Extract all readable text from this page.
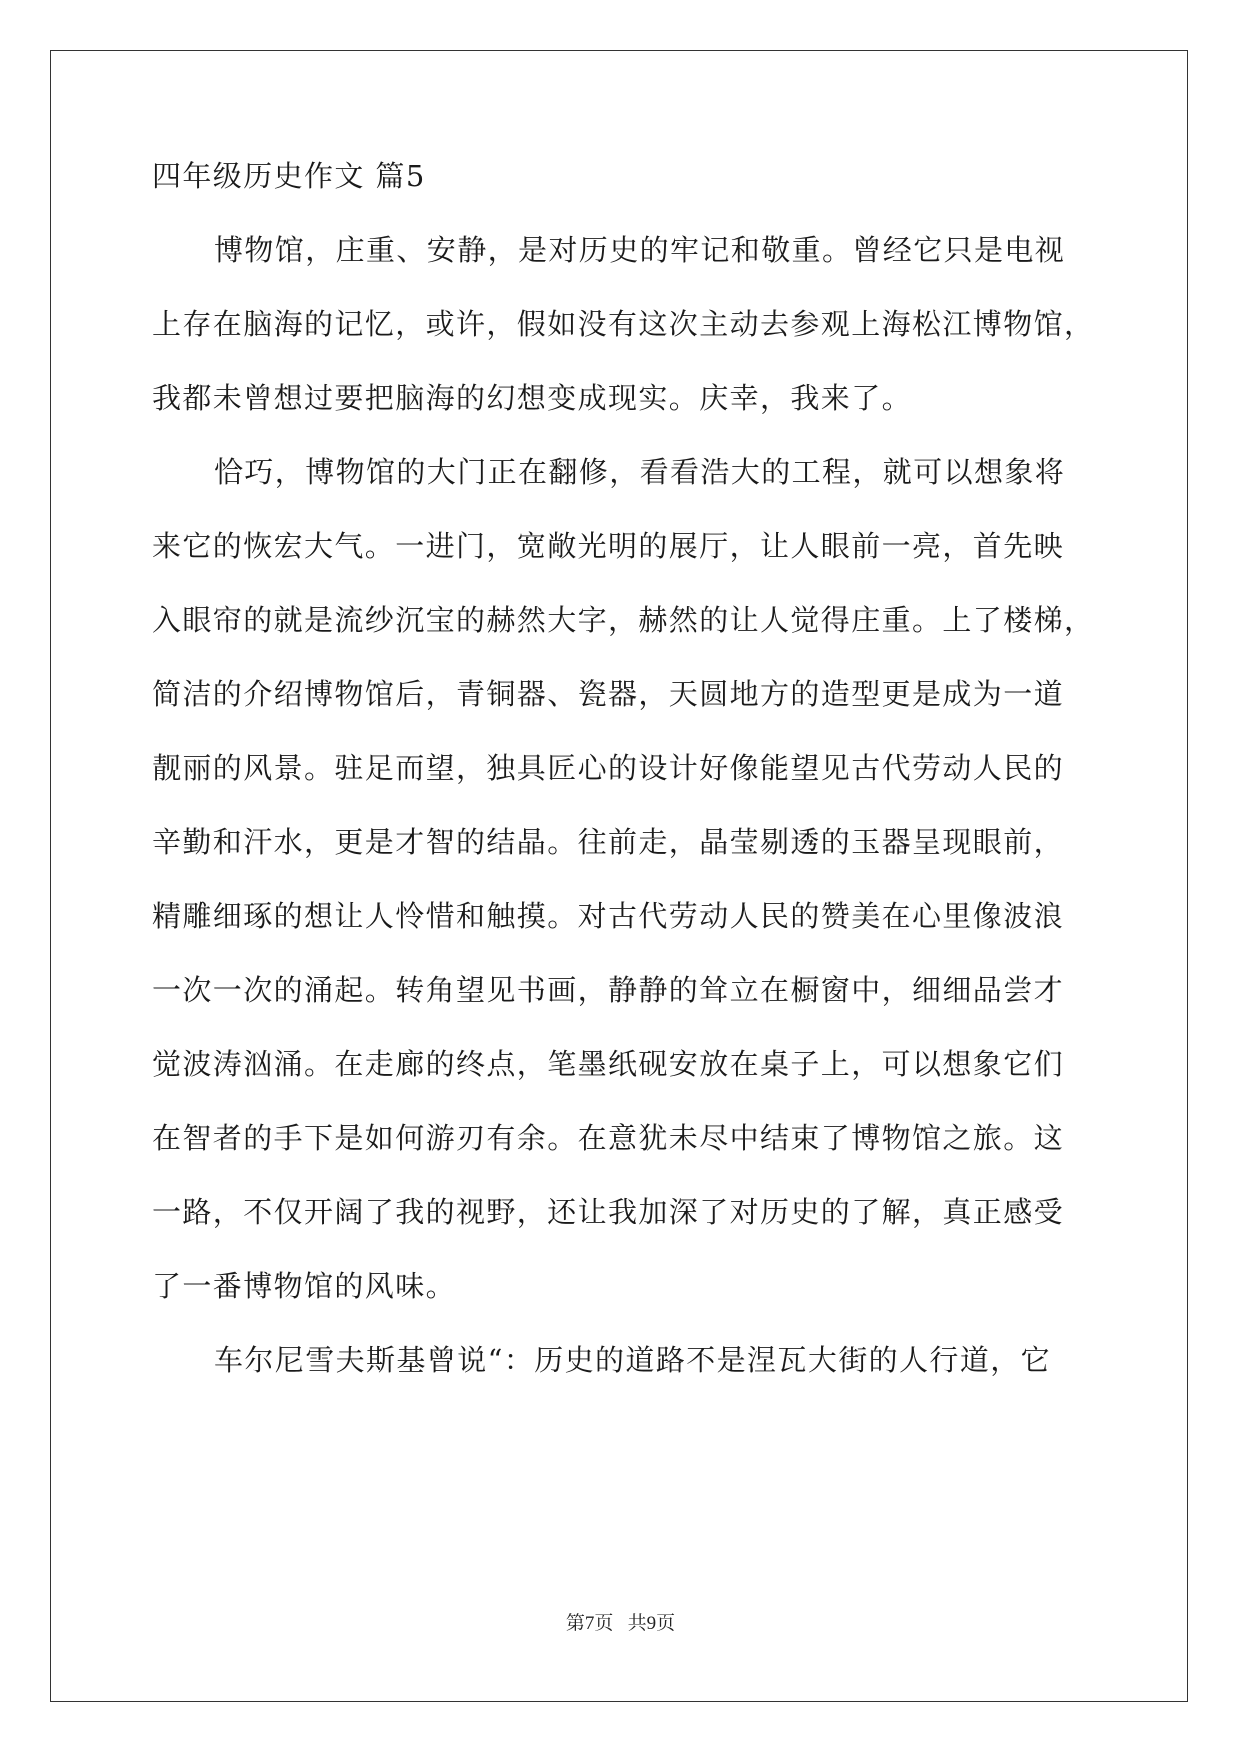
四年级历史作文 篇5
博物馆，庄重、安静，是对历史的牢记和敬重。曾经它只是电视
上存在脑海的记忆，或许，假如没有这次主动去参观上海松江博物馆，
我都未曾想过要把脑海的幻想变成现实。庆幸，我来了。
恰巧，博物馆的大门正在翻修，看看浩大的工程，就可以想象将
来它的恢宏大气。一进门，宽敞光明的展厅，让人眼前一亮，首先映
入眼帘的就是流纱沉宝的赫然大字，赫然的让人觉得庄重。上了楼梯，
简洁的介绍博物馆后，青铜器、瓷器，天圆地方的造型更是成为一道
靓丽的风景。驻足而望，独具匠心的设计好像能望见古代劳动人民的
辛勤和汗水，更是才智的结晶。往前走，晶莹剔透的玉器呈现眼前，
精雕细琢的想让人怜惜和触摸。对古代劳动人民的赞美在心里像波浪
一次一次的涌起。转角望见书画，静静的耸立在橱窗中，细细品尝才
觉波涛汹涌。在走廊的终点，笔墨纸砚安放在桌子上，可以想象它们
在智者的手下是如何游刃有余。在意犹未尽中结束了博物馆之旅。这
一路，不仅开阔了我的视野，还让我加深了对历史的了解，真正感受
了一番博物馆的风味。
车尔尼雪夫斯基曾说“：历史的道路不是涅瓦大街的人行道，它
第7页 共9页
